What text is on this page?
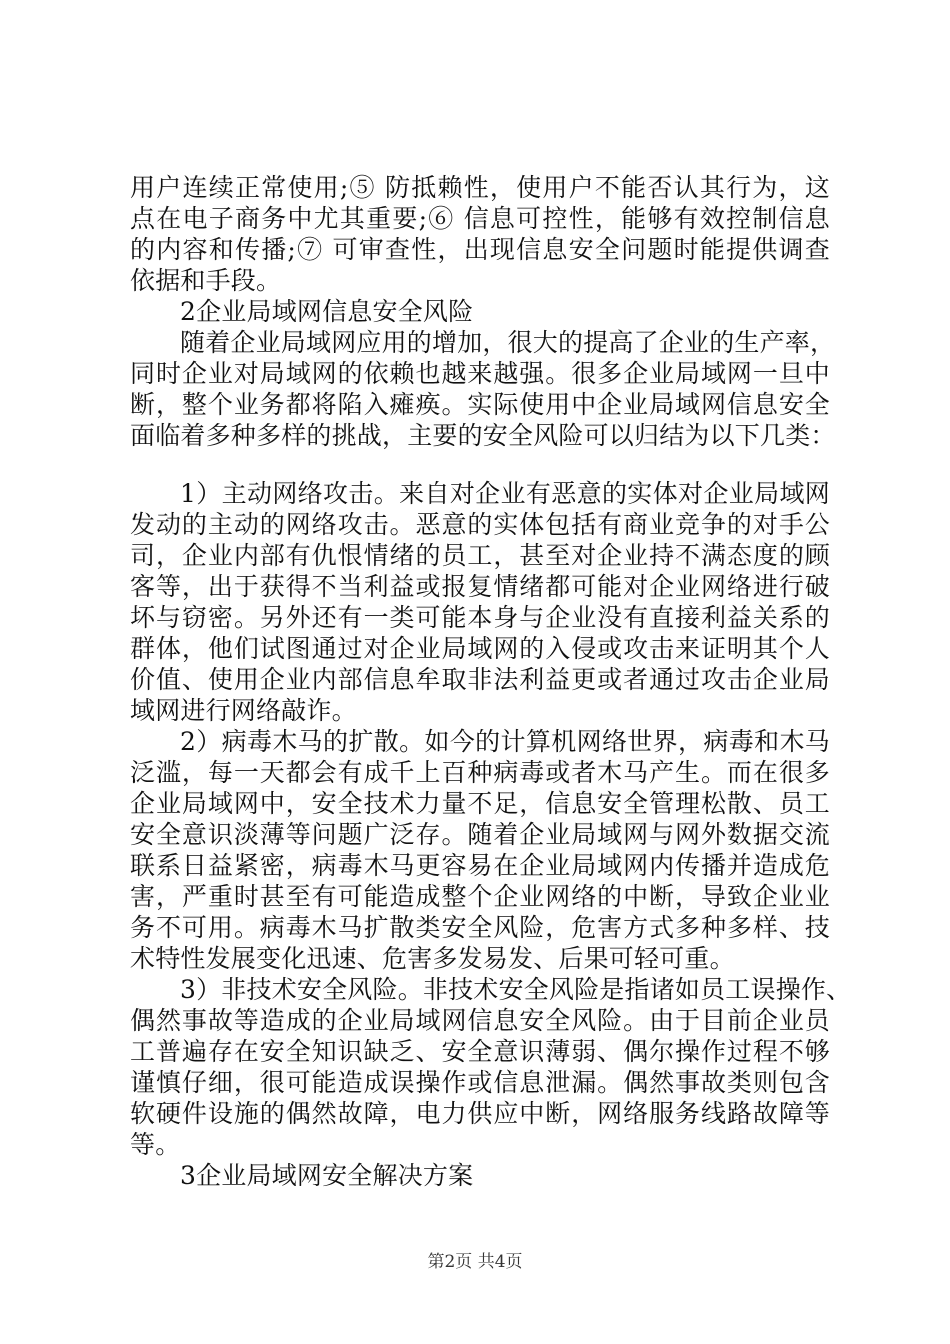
用户连续正常使用;⑤ 防抵赖性，使用户不能否认其行为，这
点在电子商务中尤其重要;⑥ 信息可控性，能够有效控制信息
的内容和传播;⑦ 可审查性，出现信息安全问题时能提供调查
依据和手段。
2企业局域网信息安全风险
随着企业局域网应用的增加，很大的提高了企业的生产率，
同时企业对局域网的依赖也越来越强。很多企业局域网一旦中
断，整个业务都将陷入瘫痪。实际使用中企业局域网信息安全
面临着多种多样的挑战，主要的安全风险可以归结为以下几类：
1）主动网络攻击。来自对企业有恶意的实体对企业局域网
发动的主动的网络攻击。恶意的实体包括有商业竞争的对手公
司，企业内部有仇恨情绪的员工，甚至对企业持不满态度的顾
客等，出于获得不当利益或报复情绪都可能对企业网络进行破
坏与窃密。另外还有一类可能本身与企业没有直接利益关系的
群体，他们试图通过对企业局域网的入侵或攻击来证明其个人
价值、使用企业内部信息牟取非法利益更或者通过攻击企业局
域网进行网络敲诈。
2）病毒木马的扩散。如今的计算机网络世界，病毒和木马
泛滥，每一天都会有成千上百种病毒或者木马产生。而在很多
企业局域网中，安全技术力量不足，信息安全管理松散、员工
安全意识淡薄等问题广泛存。随着企业局域网与网外数据交流
联系日益紧密，病毒木马更容易在企业局域网内传播并造成危
害，严重时甚至有可能造成整个企业网络的中断，导致企业业
务不可用。病毒木马扩散类安全风险，危害方式多种多样、技
术特性发展变化迅速、危害多发易发、后果可轻可重。
3）非技术安全风险。非技术安全风险是指诸如员工误操作、
偶然事故等造成的企业局域网信息安全风险。由于目前企业员
工普遍存在安全知识缺乏、安全意识薄弱、偶尔操作过程不够
谨慎仔细，很可能造成误操作或信息泄漏。偶然事故类则包含
软硬件设施的偶然故障，电力供应中断，网络服务线路故障等
等。
3企业局域网安全解决方案
第2页 共4页
